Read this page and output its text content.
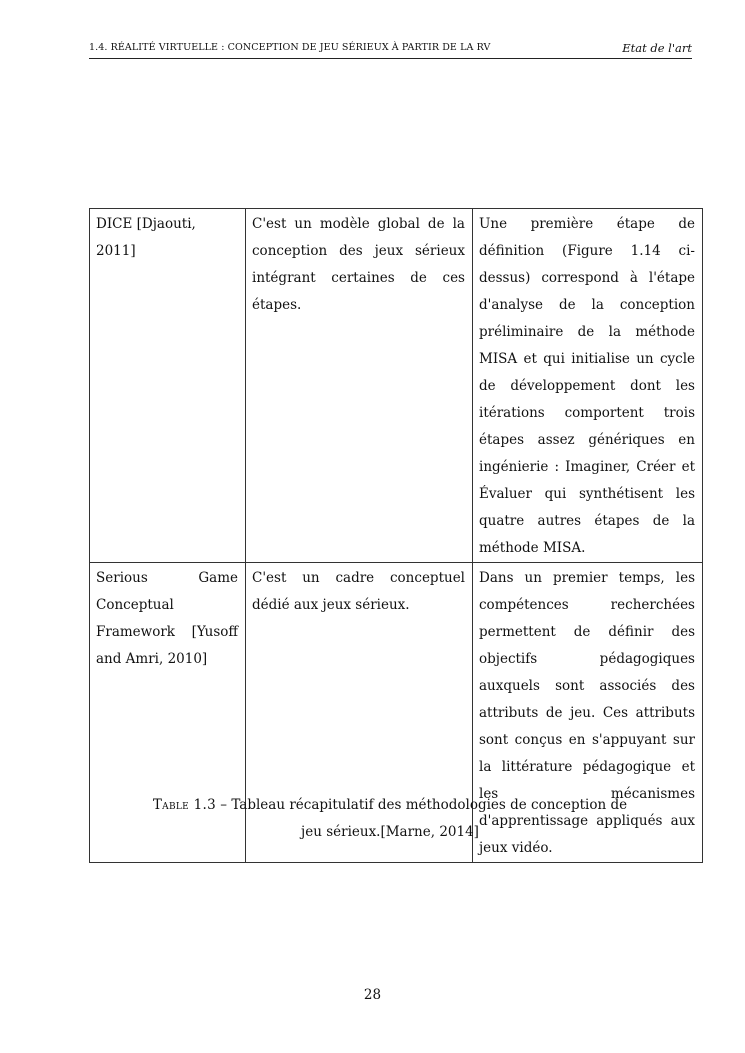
1.4. RÉALITÉ VIRTUELLE : CONCEPTION DE JEU SÉRIEUX À PARTIR DE LA RV	Etat de l'art
DICE [Djaouti, 2011]	C'est un modèle global de la conception des jeux sérieux intégrant certaines de ces étapes.	Une première étape de définition (Figure 1.14 ci-dessus) correspond à l'étape d'analyse de la conception préliminaire de la méthode MISA et qui initialise un cycle de développement dont les itérations comportent trois étapes assez génériques en ingénierie : Imaginer, Créer et Évaluer qui synthétisent les quatre autres étapes de la méthode MISA.

Serious Game Conceptual Framework [Yusoff and Amri, 2010]	C'est un cadre conceptuel dédié aux jeux sérieux.	Dans un premier temps, les compétences recherchées permettent de définir des objectifs pédagogiques auxquels sont associés des attributs de jeu. Ces attributs sont conçus en s'appuyant sur la littérature pédagogique et les mécanismes d'apprentissage appliqués aux jeux vidéo.
Table 1.3 – Tableau récapitulatif des méthodologies de conception de jeu sérieux.[Marne, 2014]
28
